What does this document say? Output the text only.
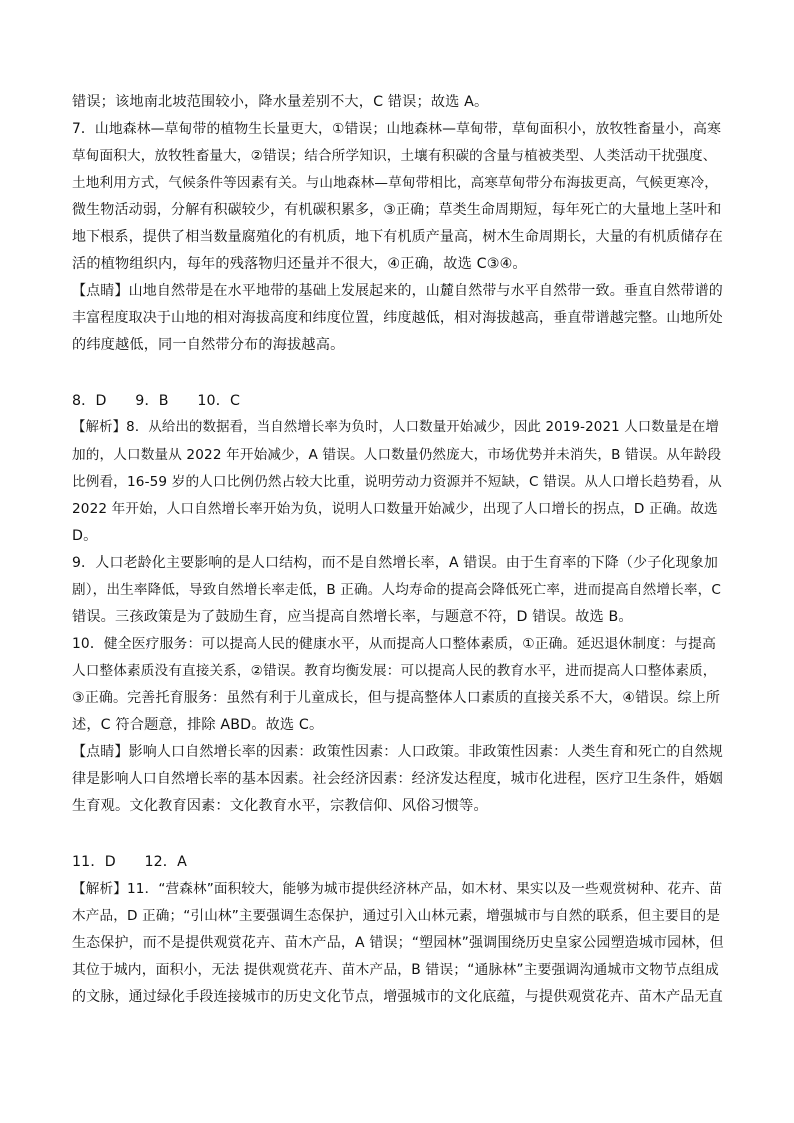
错误；该地南北坡范围较小，降水量差别不大，C 错误；故选 A。
7．山地森林—草甸带的植物生长量更大，①错误；山地森林—草甸带，草甸面积小，放牧牲畜量小，高寒
草甸面积大，放牧牲畜量大，②错误；结合所学知识，土壤有积碳的含量与植被类型、人类活动干扰强度、
土地利用方式，气候条件等因素有关。与山地森林—草甸带相比，高寒草甸带分布海拔更高，气候更寒冷，
微生物活动弱，分解有积碳较少，有机碳积累多，③正确；草类生命周期短，每年死亡的大量地上茎叶和
地下根系，提供了相当数量腐殖化的有机质，地下有机质产量高，树木生命周期长，大量的有机质储存在
活的植物组织内，每年的残落物归还量并不很大，④正确，故选 C③④。
【点睛】山地自然带是在水平地带的基础上发展起来的，山麓自然带与水平自然带一致。垂直自然带谱的
丰富程度取决于山地的相对海拔高度和纬度位置，纬度越低，相对海拔越高，垂直带谱越完整。山地所处
的纬度越低，同一自然带分布的海拔越高。
8．D　　9．B　　10．C
【解析】8．从给出的数据看，当自然增长率为负时，人口数量开始减少，因此 2019-2021 人口数量是在增
加的，人口数量从 2022 年开始减少，A 错误。人口数量仍然庞大，市场优势并未消失，B 错误。从年龄段
比例看，16-59 岁的人口比例仍然占较大比重，说明劳动力资源并不短缺，C 错误。从人口增长趋势看，从
2022 年开始，人口自然增长率开始为负，说明人口数量开始减少，出现了人口增长的拐点，D 正确。故选
D。
9．人口老龄化主要影响的是人口结构，而不是自然增长率，A 错误。由于生育率的下降（少子化现象加
剧），出生率降低，导致自然增长率走低，B 正确。人均寿命的提高会降低死亡率，进而提高自然增长率，C
错误。三孩政策是为了鼓励生育，应当提高自然增长率，与题意不符，D 错误。故选 B。
10．健全医疗服务：可以提高人民的健康水平，从而提高人口整体素质，①正确。延迟退休制度：与提高
人口整体素质没有直接关系，②错误。教育均衡发展：可以提高人民的教育水平，进而提高人口整体素质，
③正确。完善托育服务：虽然有利于儿童成长，但与提高整体人口素质的直接关系不大，④错误。综上所
述，C 符合题意，排除 ABD。故选 C。
【点睛】影响人口自然增长率的因素：政策性因素：人口政策。非政策性因素：人类生育和死亡的自然规
律是影响人口自然增长率的基本因素。社会经济因素：经济发达程度，城市化进程，医疗卫生条件，婚姻
生育观。文化教育因素：文化教育水平，宗教信仰、风俗习惯等。
11．D　　12．A
【解析】11．“营森林”面积较大，能够为城市提供经济林产品，如木材、果实以及一些观赏树种、花卉、苗
木产品，D 正确；“引山林”主要强调生态保护，通过引入山林元素，增强城市与自然的联系，但主要目的是
生态保护，而不是提供观赏花卉、苗木产品，A 错误；“塑园林”强调围绕历史皇家公园塑造城市园林，但
其位于城内，面积小，无法 提供观赏花卉、苗木产品，B 错误；“通脉林”主要强调沟通城市文物节点组成
的文脉，通过绿化手段连接城市的历史文化节点，增强城市的文化底蕴，与提供观赏花卉、苗木产品无直
